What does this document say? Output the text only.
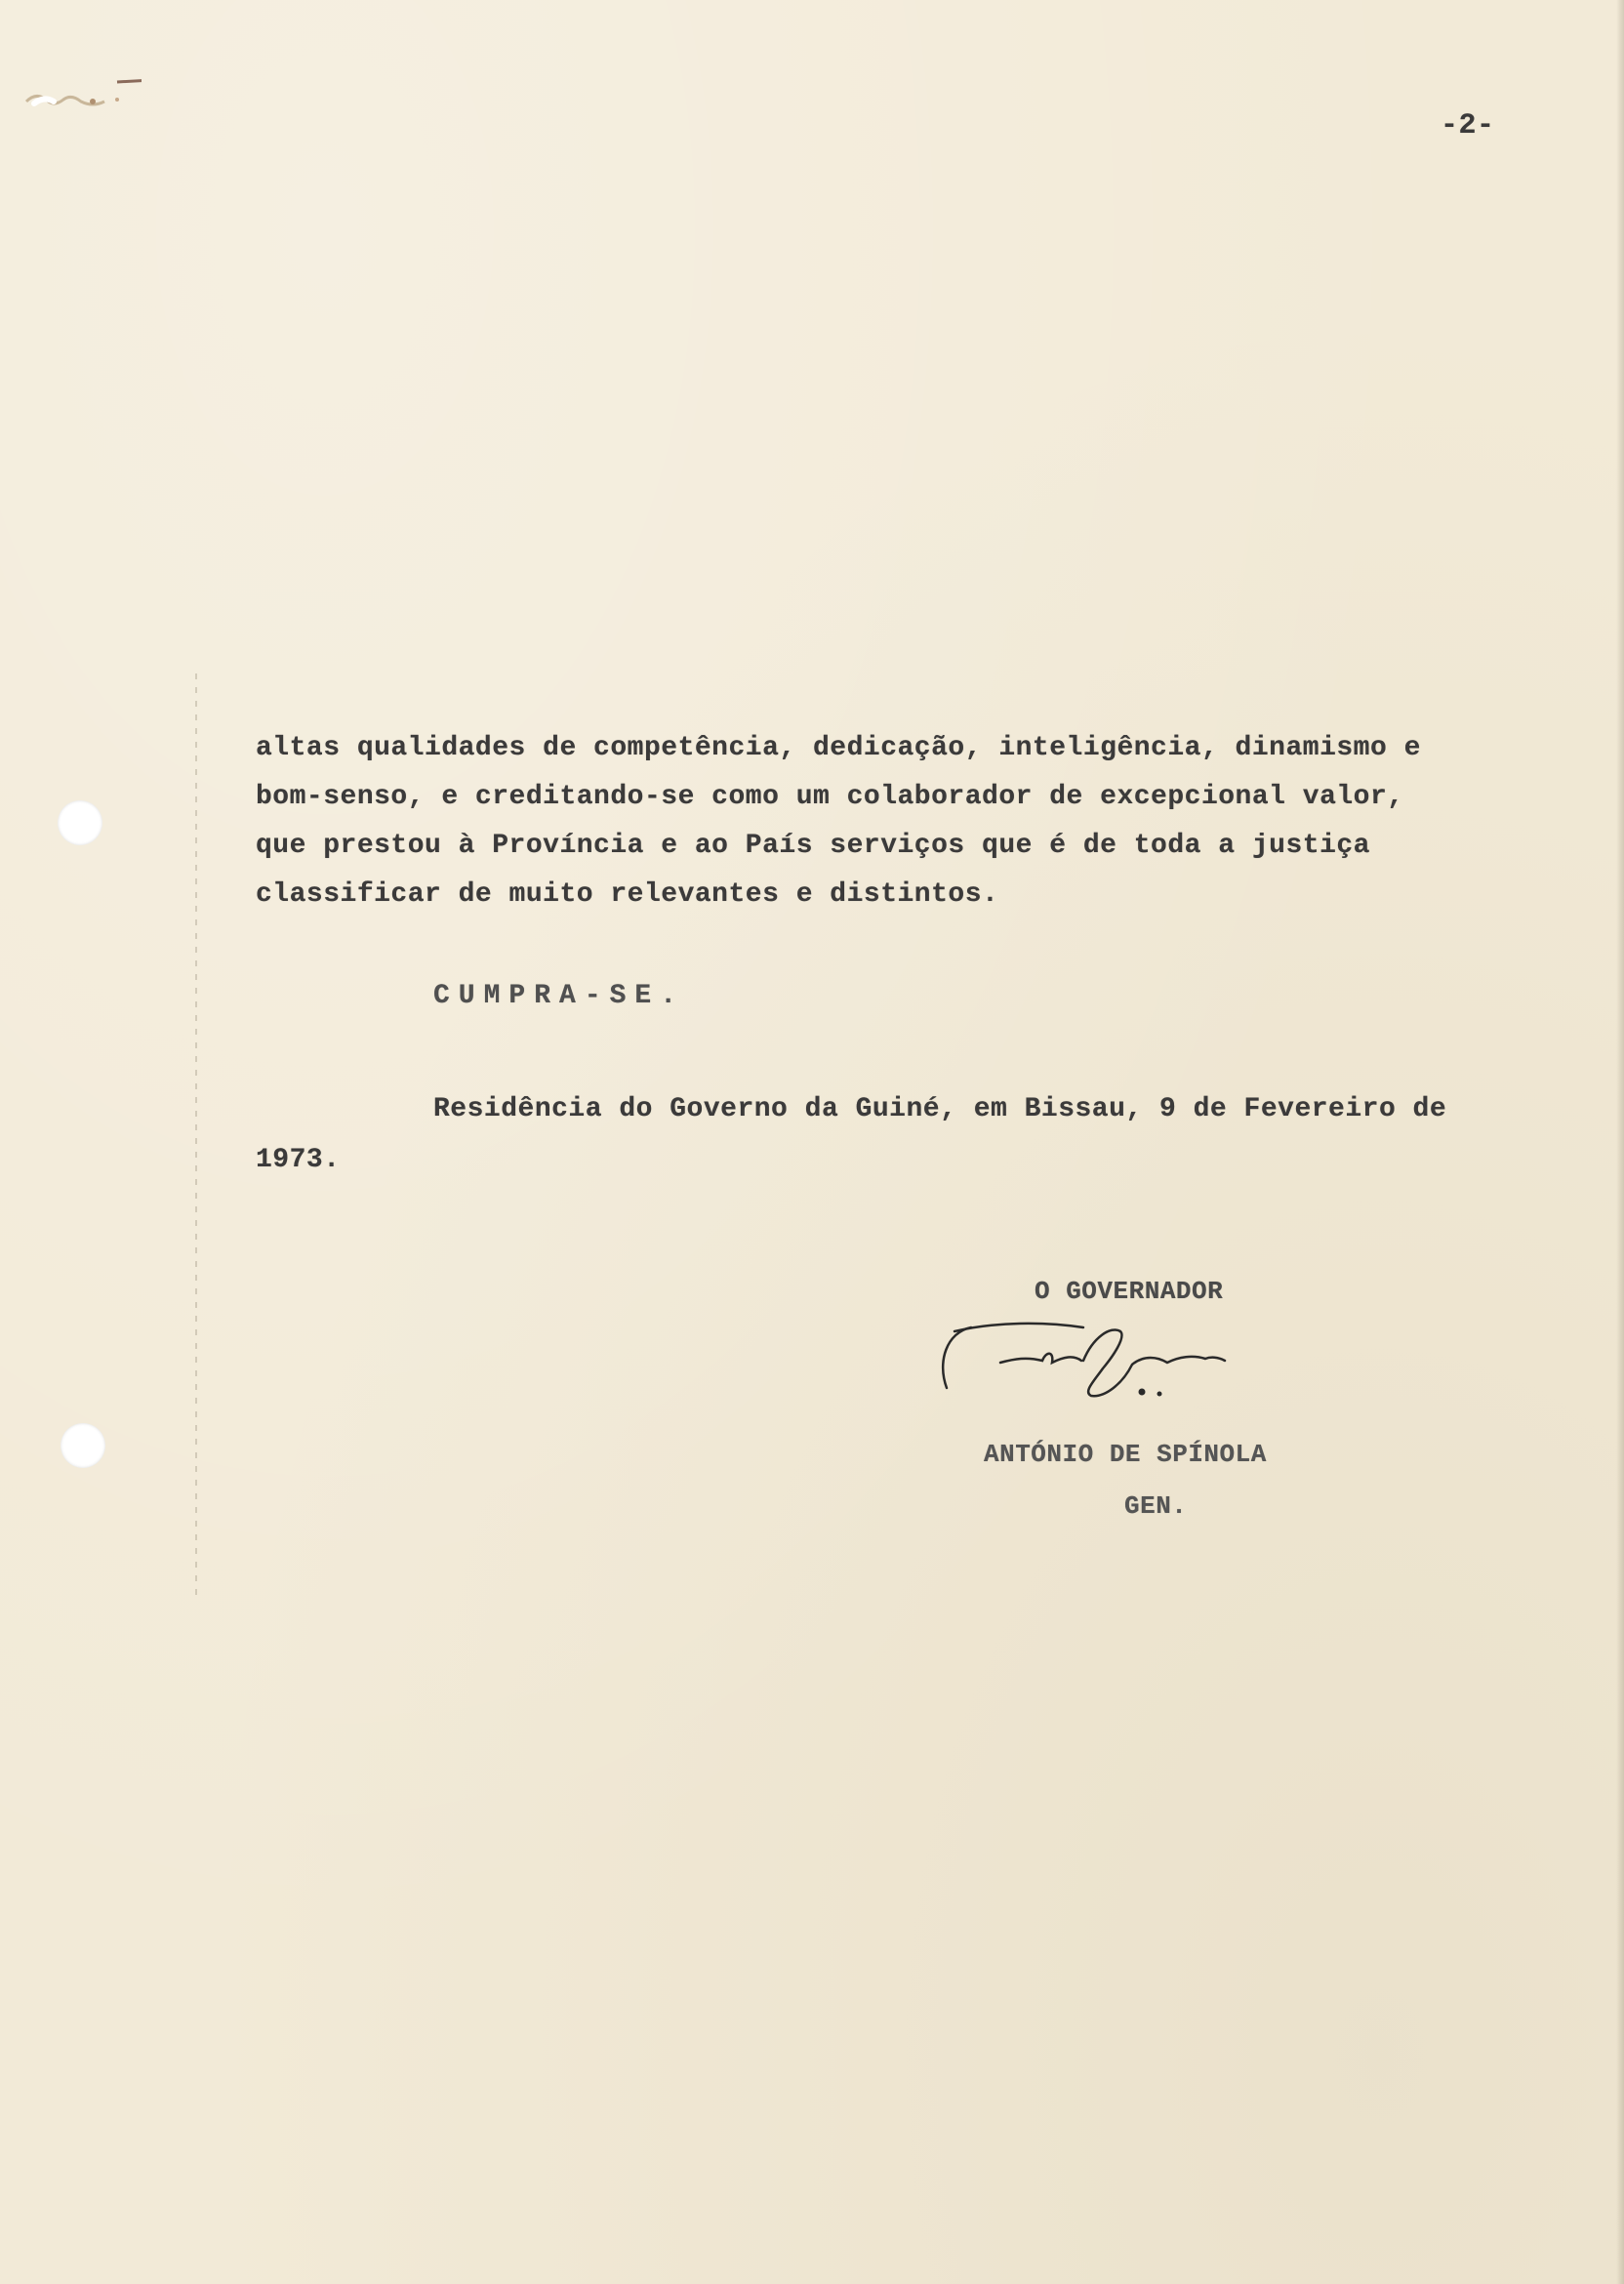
-2-
altas qualidades de competência, dedicação, inteligência, dinamismo e
bom-senso, e creditando-se como um colaborador de excepcional valor,
que prestou à Província e ao País serviços que é de toda a justiça
classificar de muito relevantes e distintos.
CUMPRA-SE.
Residência do Governo da Guiné, em Bissau, 9 de Fevereiro de
1973.
O GOVERNADOR
ANTÓNIO DE SPÍNOLA
GEN.
